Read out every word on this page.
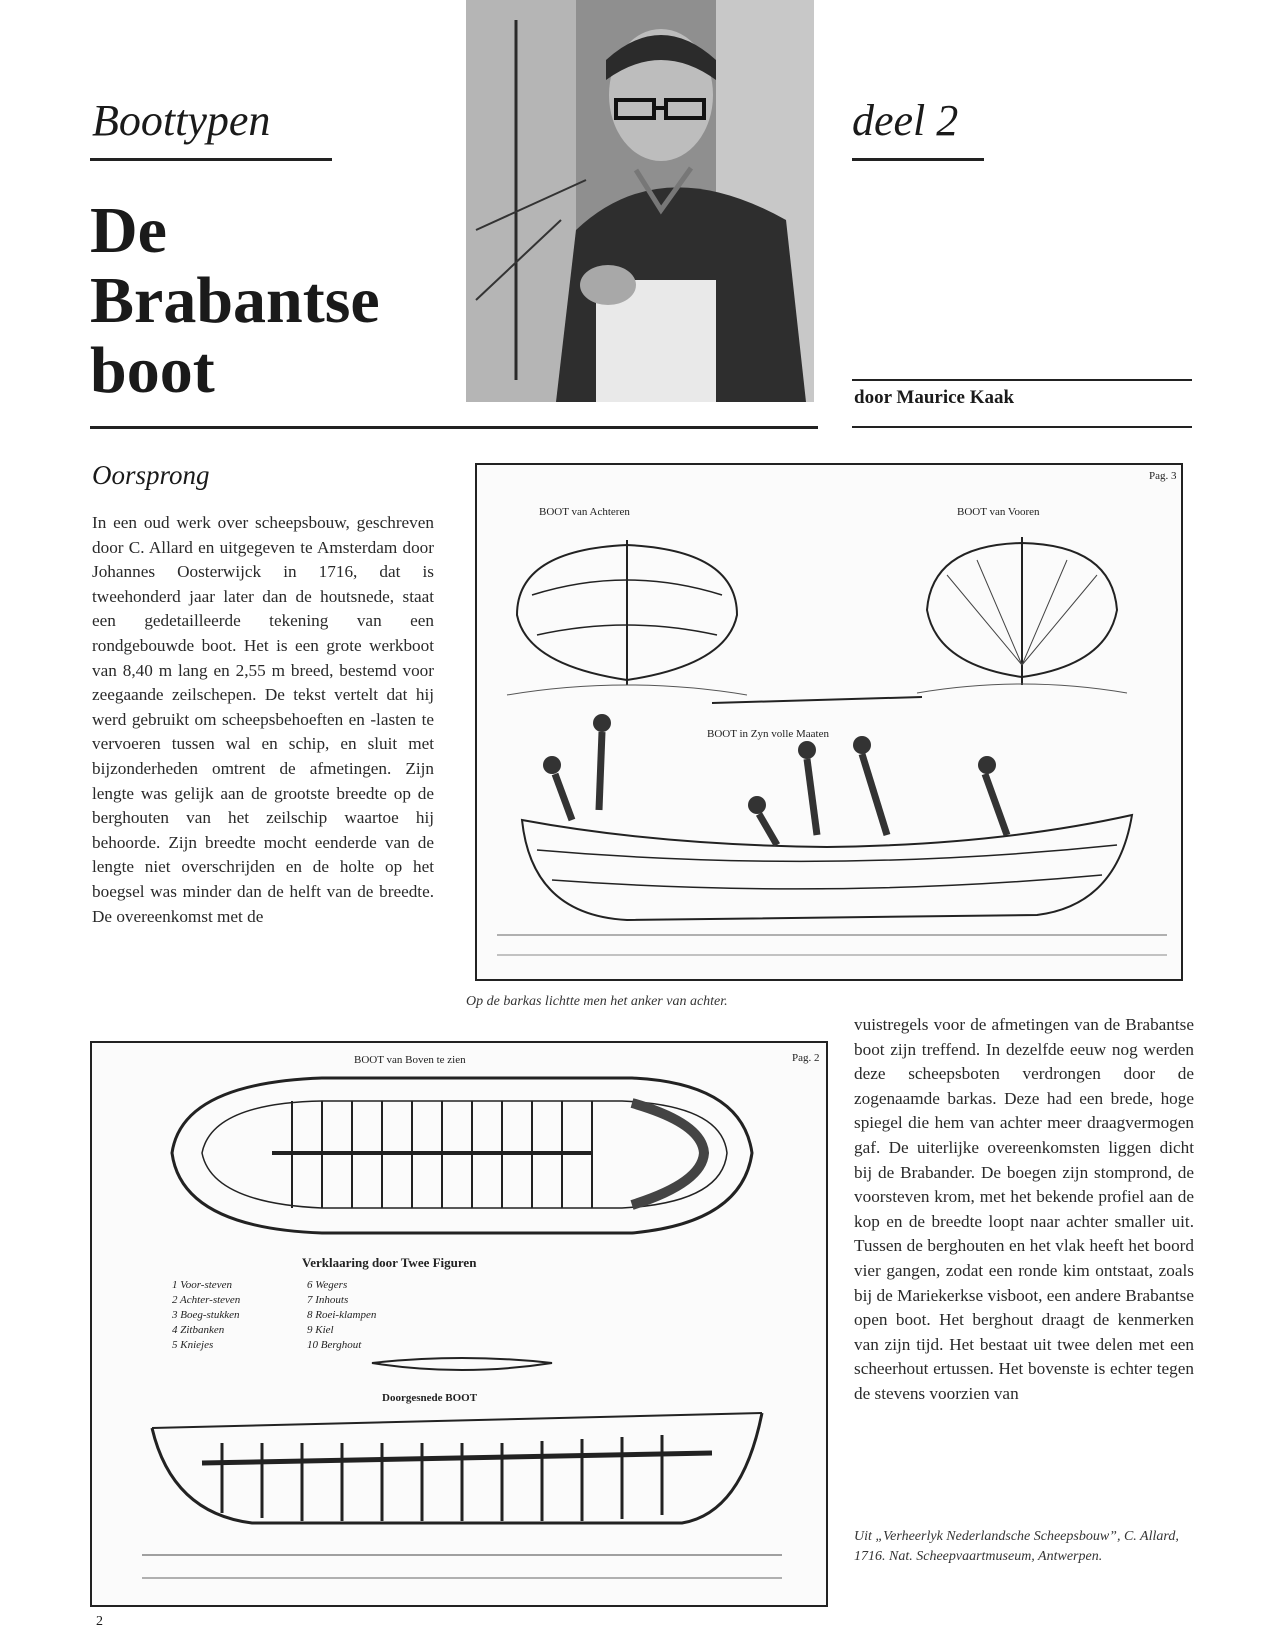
Boottypen	deel 2
De
Brabantse
boot	door Maurice Kaak
Oorsprong
In een oud werk over scheepsbouw, geschreven door C. Allard en uitgegeven te Amsterdam door Johannes Oosterwijck in 1716, dat is tweehonderd jaar later dan de houtsnede, staat een gedetailleerde tekening van een rondgebouwde boot. Het is een grote werkboot van 8,40 m lang en 2,55 m breed, bestemd voor zeegaande zeilschepen. De tekst vertelt dat hij werd gebruikt om scheepsbehoeften en -lasten te vervoeren tussen wal en schip, en sluit met bijzonderheden omtrent de afmetingen. Zijn lengte was gelijk aan de grootste breedte op de berghouten van het zeilschip waartoe hij behoorde. Zijn breedte mocht eenderde van de lengte niet overschrijden en de holte op het boegsel was minder dan de helft van de breedte. De overeenkomst met de
vuistregels voor de afmetingen van de Brabantse boot zijn treffend. In dezelfde eeuw nog werden deze scheepsboten verdrongen door de zogenaamde barkas. Deze had een brede, hoge spiegel die hem van achter meer draagvermogen gaf. De uiterlijke overeenkomsten liggen dicht bij de Brabander. De boegen zijn stomprond, de voorsteven krom, met het bekende profiel aan de kop en de breedte loopt naar achter smaller uit. Tussen de berghouten en het vlak heeft het boord vier gangen, zodat een ronde kim ontstaat, zoals bij de Mariekerkse visboot, een andere Brabantse open boot. Het berghout draagt de kenmerken van zijn tijd. Het bestaat uit twee delen met een scheerhout ertussen. Het bovenste is echter tegen de stevens voorzien van
Pag. 3
BOOT van Achteren	BOOT van Vooren
BOOT in Zyn volle Maaten
Op de barkas lichtte men het anker van achter.
Pag. 2
BOOT van Boven te zien
Verklaaring door Twee Figuren
1 Voor-steven
2 Achter-steven
3 Boeg-stukken
4 Zitbanken
5 Kniejes
6 Wegers
7 Inhouts
8 Roei-klampen
9 Kiel
10 Berghout
Doorgesnede BOOT
Uit „Verheerlyk Nederlandsche Scheepsbouw”, C. Allard, 1716. Nat. Scheepvaartmuseum, Antwerpen.
2
